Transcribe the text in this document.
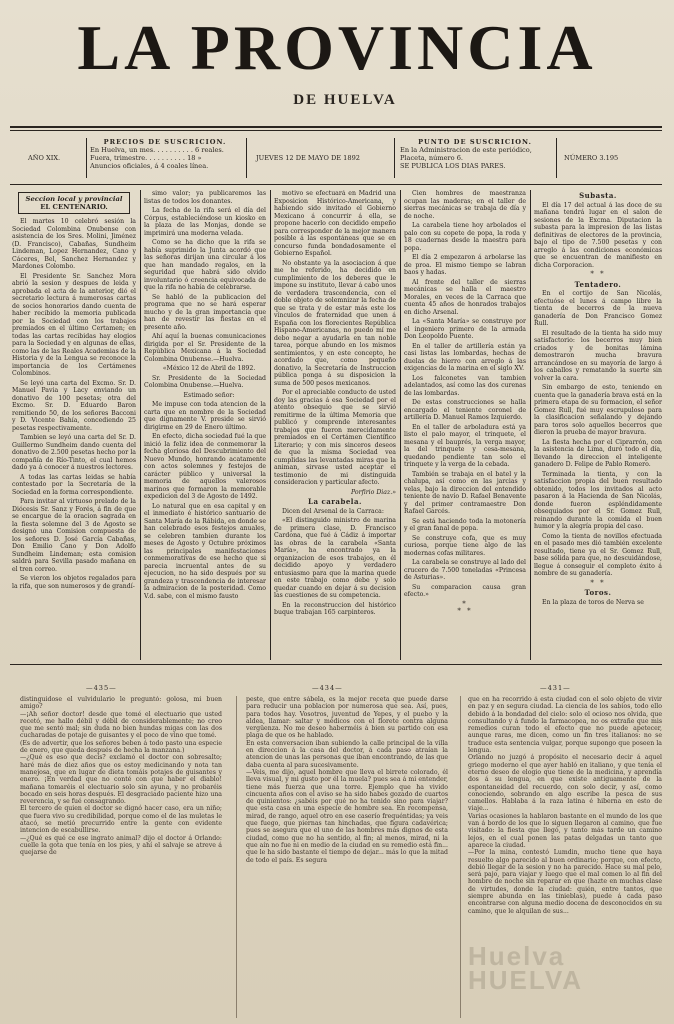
LA PROVINCIA
DE HUELVA
AÑO XIX.
PRECIOS DE SUSCRICION.
En Huelva, un mes. . . . . . . . . . 6 reales.
Fuera, trimestre. . . . . . . . . . 18 »
Anuncios oficiales, á 4 coales línea.
JUEVES 12 DE MAYO DE 1892
PUNTO DE SUSCRICION.
En la Administracion de este periódico,
Placeta, número 6.
SE PUBLICA LOS DIAS PARES.
NÚMERO 3.195
Seccion local y provincial
EL CENTENARIO.

El martes 10 celebró sesión la Sociedad Colombina Onubense con asistencia de los Sres. Molini, Jiménez (D. Francisco), Cabañas, Sundheim Lindeman, Lopez Hernandez, Cano y Cáceres, Bel, Sanchez Hernandez y Mardones Colombo.

El Presidente Sr. Sanchez Mora abrió la sesion y despues de leida y aprobada el acta de la anterior, dió el secretario lectura á numerosas cartas de socios honorarios dando cuenta de haber recibido la memoria publicada por la Sociedad con los trabajos premiados en el último Certamen; en todas las cartas recibidas hay elogios para la Sociedad y en algunas de ellas, como las de las Reales Academias de la Historia y de la Lengua se reconoce la importancia de los Certámenes Colombinos.

Se leyó una carta del Excmo. Sr. D. Manuel Pavia y Lacy enviando un donativo de 100 pesetas; otra del Excmo. Sr. D. Eduardo Baron remitiendo 50, de los señores Bacconi y D. Vicente Bahía, concediendo 25 pesetas respectivamente.

Tambien se leyó una carta del Sr. D. Guillermo Sundheim dando cuenta del donativo de 2.500 pesetas hecho por la compañía de Río-Tinto, el cual hemos dado ya á conocer á nuestros lectores.

A todas las cartas leidas se había contestado por la Secretaría de la Sociedad en la forma correspondiente.

Para invitar al virtuoso prelado de la Diócesis Sr. Sanz y Forés, á fin de que se encargue de la oracion sagrada en la fiesta solemne del 3 de Agosto se designó una Comision compuesta de los señores D. José García Cabañas, Don Emilio Cano y Don Adolfo Sundheim Lindeman; esta comision saldrá para Sevilla pasado mañana en el tren correo.

Se vieron los objetos regalados para la rifa, que son numerosos y de grandí-

simo valor; ya publicaremos las listas de todos los donantes.

La fecha de la rifa será el día del Córpus, estableciéndose un kiosko en la plaza de las Monjas, donde se imprimirá una moderna velada.

Como se ha dicho que la rifa se había suprimido la Junta acordó que las señoras dirijan una circular á los que han mandado regalos, en la seguridad que habrá sido olvido involuntario ó creencia equivocada de que la rifa no había de celebrarse.

Se habló de la publicacion del programa que no se hará esperar mucho y de la gran importancia que han de revestir las fiestas en el presente año.

Ahí aquí la buenas comunicaciones dirigida por el Sr. Presidente de la República Mexicana á la Sociedad Colombina Onubense.—Huelva.

«México 12 de Abril de 1892.

Sr. Presidente de la Sociedad Colombina Onubense.—Huelva.

Estimado señor:

Me impuse con toda atencion de la carta que en nombre de la Sociedad que dignamente V. preside se sirvió dirigirme en 29 de Enero último.

En efecto, dicha sociedad fué la que inició la feliz idea de conmemorar la fecha gloriosa del Descubrimiento del Nuevo Mundo, honrando acatamente con actos solemnes y festejos de carácter público y universal la memoria de aquellos valerosos marinos que formaron la memorable expedicion del 3 de Agosto de 1492.

Lo natural que en esa capital y en el inmediato é histórico santuario de Santa María de la Rábida, en donde se han celebrado esos festejos anuales, se celebren tambien durante los meses de Agosto y Octubre próximos las principales manifestaciones conmemorativas de ese hecho que si parecia incruental antes de su ejecucion, no ha sido después por su grandeza y trascendencia de interesar la admiracion de la posteridad. Como V.d. sabe, con el mismo fausto

motivo se efectuará en Madrid una Exposicion Histórico-Americana, y habiendo sido invitado el Gobierno Mexicano á concurrir á ella, se propone hacerlo con decidido empeño para corresponder de la mejor manera posible á las espontáneas que se en concurso funda bondadosamente el Gobierno Español.

No obstante ya la asociacion á que me he referido, ha decidido en cumplimiento de los deberes que le impone su instituto, llevar á cabo unos de verdadera trascendencia, con el doble objeto de solemnizar la fecha de que se trata y de estar más este los vínculos de fraternidad que unen á España con los florecientes República Hispano-Americanas, no puedo mí me debo negar a ayudarla en tan noble tarea, porque abundo en los mismos sentimientos, y en este concepto, he acordado que, como pequeño donativo, la Secretaría de Instruccion pública ponga á su disposicion la suma de 500 pesos mexicanos.

Por el apreciable conducto de usted doy las gracias á esa Sociedad por el atento obsequio que se sirvió remitirme de la última Memoria que publicó y comprende interesantes trabajos que fueron merecidamente premiados en el Certámen Científico Literario; y con mis sinceros deseos de que la misma Sociedad vea cumplidas las levantadas miras que la animan, sirvase usted aceptar el testimonio de mi distinguida consideracion y particular afecto.

Porfirio Diaz.»
La carabela.

Dicen del Arsenal de la Carraca:

«El distinguido ministro de marina de primera clase, D. Francisco Cardona, que fué á Cádiz á importar las obras de la carabela «Santa María», ha encontrado ya la organizacion de esos trabajos, en él decidido apoyo y verdadero entusiasmo para que la marina quede en este trabajo como debe y solo quedar cuando en dejar á su decision las cuestiones de su competencia.

En la reconstruccion del histórico buque trabajan 165 carpinteros.

Cien hombres de maestranza ocupan las maderas; en el taller de sierras mecánicas se trabaja de día y de noche.

La carabela tiene hoy arbolados el palo con su copete de popa, la roda y 18 cuadernas desde la maestra para popa.

El día 2 empezaron á arbolarse las de proa. El mismo tiempo se labran baos y hadas.

Al frente del taller de sierras mecánicas se halla el maestro Morales, en veces de la Carraca que cuenta 45 años de honrados trabajos en dicho Arsenal.

La «Santa María» se construye por el ingeniero primero de la armada Don Leopoldo Puente.

En el taller de artillería están ya casi listas las lombardas, hechas de duelas de hierro con arreglo á las exigencias de la marina en el siglo XV.

Los falconetes van tambien adelantados, así como las dos curenas de las lombardas.

De estas construcciones se halla encargado el teniente coronel de artillería D. Manuel Ramos Izquierdo.

En el taller de arboladura está ya listo el palo mayor, el trinquete, el mesana y el bauprés, la verga mayor, la del trinquete y cesa-mesana, quedando pendiente tan solo el trinquete y la verga de la cebada.

También se trabaja en el batel y la chalupa, así como en las jarcias y velas, bajo la direccion del entendido teniente de navío D. Rafael Benavente y del primer contramaestre Don Rafael Garcés.

Se está haciendo toda la motonería y el gran fanal de popa.

Se construye cofa, que es muy curiosa, porque tiene algo de las modernas cofas militares.

La carabela se construye al lado del crucero de 7.500 toneladas «Princesa de Asturias».

Su comparacion causa gran efecto.»

*
* *
Subasta.

El día 17 del actual á las doce de su mañana tendrá lugar en el salon de sesiones de la Excma. Diputacion la subasta para la impresion de las listas definitivas de electores de la provincia, bajo el tipo de 7.500 pesetas y con arreglo á las condiciones económicas que se encuentran de manifiesto en dicha Corporacion.

* *
Tentadero.

En el cortijo de San Nicolás, efectuóse el lunes á campo libre la tienta de becerros de la nueva ganadería de Don Francisco Gomez Rull.

El resultado de la tienta ha sido muy satisfactorio: los becerros muy bien criados y de bonitas lámina demostraron mucha bravura arrancándose en su mayoría de largo á los caballos y rematando la suerte sin volver la cara.

Sin embargo de esto, teniendo en cuenta que la ganadería brava está en la primera etapa de su formacion, el señor Gomez Rull, fué muy escrupuloso para la clasificacion señalando y dejando para toros solo aquellos becerros que dieron la prueba de mayor bravura.

La fiesta hecha por el Ciprarrón, con la asistencia de Lima, duró todo el día, llevando la direccion el inteligente ganadero D. Felipe de Pablo Romero.

Terminada la tienta, y con la satisfaccion propia del buen resultado obtenido, todos los invitados al acto pasaron á la Hacienda de San Nicolás, donde fueron espléndidamente obsequiados por el Sr. Gomez Rull, reinando durante la comida el buen humor y la alegría propia del caso.

Como la tienta de novillos efectuada en el pasado mes dió también excelente resultado, tiene ya el Sr. Gomez Rull, base sólida para que, no descuidándose, llegue á conseguir el completo éxito á nombre de su ganadería.

* *
Toros.

En la plaza de toros de Nerva se

—435—	—434—	—431—
distinguidose el vulvidulario le preguntó: golosa, mi buen amigo?
—¡Ah señor doctor! desde que tomé el electuario que usted recetó, me hallo débil y débil de considerablemente; no creo que me sentó mal; sin duda no bien hundas migas con las dos cucharadas de potaje de guisantes y el poco de vino que tomé.
(Es de advertir, que los señores beben á todo pasto una especie de enero, que queda después de hecha la manzana.)
—¿Qué es eso que decís? exclamó el doctor con sobresalto; haré más de diez años que os estoy medicinando y nota tan manejosa, que en lugar de dieta tomáis potajes de guisantes y enero. ¡En verdad que no conté con que haber el diablo! mañana tomaréis el electuario solo sin ayuna, y no probaréis bocado en seis horas después. El desgraciado paciente hizo una reverencia, y se fué consagrando.
El tercero de quien el doctor se dignó hacer caso, era un niño; que fuera vivo su credibilidad, porque como el de las muletas le atacó, se metió precurrido entre la gente con evidente intencion de escabullirse.
—¿Qué es qué ce ese ingrato animal? dijo el doctor á Orlando: cuelle la gota que tenía en los pies, y ahí el salvaje se atreve á quejarse de
peste, que entre sábela, es la mejor receta que puede darse para reducir una poblacion por numerosa que sea. Así, pues, para todos hay. Vosotros, juventud de Yepes, y el puebo y la aldea, llamar: saltar y médicos con el florete contra alguna vergüenza. No me deseo haberméis á bien su partido con esa plaga de que os he hablado.
En esta conversacion iban subiendo la calle principal de la villa en direccion á la casa del doctor, á cada paso atraían la atencion de unas las personas que iban encontrando, de las que daba cuenta al para sucesivamente.
—Veis, me dijo, aquel hombre que lleva el birrete colorado, él lleva visual, y mi gusto por él la muela? pues sea á mi entender, tiene más fuerza que una torre. Ejemplo que ha vivido cincuenta años con el aviso se ha sido habes gozado de cuartos de quinientos: ¿sabéis por qué no ha tenido sino para viajar? que esta casa en una especie de hombre sea. En recompensa, mirad, de rango, aquel otro en ese caserío frequéntidas; ya veis que fuego, que piernas tan hinchadas, que figura cadavérica; pues se asegura que el uno de las hombres más dignos de esta ciudad, como que no ha sentido, al fin; al menos, mirad, ni la que aín no fue ni en medio de la ciudad en su remedio está fin... que le ha sido bastante el tiempo de dejar... más lo que la mitad de todo el país. Es segura
que en ha recorrido á esta ciudad con el solo objeto de vivir en paz y en segura ciudad. La ciencia de los sabios, todo ello debido á la bondadad del cielo: solo el ocioso nos olvida, que consultando y á fundo la farmacopea, no os extrañe que mis remedios curan todo el efecto que no puede apetecer, aunque raras, me dicen, como un fin tres italianos: no se traduce esta sentencia vulgar, porque supongo que poseen la lengua.
Orlando no juzgó á propósito el necesario decir á aquel griego moderno el que ayer habló en italiano, y que tenía el eterno deseo de elogio que tiene de la medicina, y aprendía dos á su lengua, en que existe antiguamente de la espontaneidad del recuerdo, con solo decir, y así, como conociendo, sobrando en algo escribe la pesca de sus camellos. Hablaba á la raza latina é hiberna en esto de viaje...
Varias ocasiones la hablaron bastante en el mundo de los que van á bordo de los que lo siguen llegaron al camino, que fue visitado: la fiesta que llegó, y tanto más tarde un camino lejos, en el cual ponen las patas delgadas un tanto que aparece la ciudad.
—Por la mina, contestó Lumdin, mucho tiene que haya resuelto algo parecido al buen ordinario; porque, con efecto, debió llegar de la sesion y no ha parecido. Hace su mal pelo, será pajo, para viajar y luego que el mal comen lo al fin del hombre de noche sin reparar en que (hazte en muchas clase de virtudes, donde la ciudad: quién, entre tantos, que siempre abunda en las tinieblas), puede á cada paso encontrarse con alguna medio docena de desconocidos en su camino, que le alquilan de sus...
Huelva
HUELVA
